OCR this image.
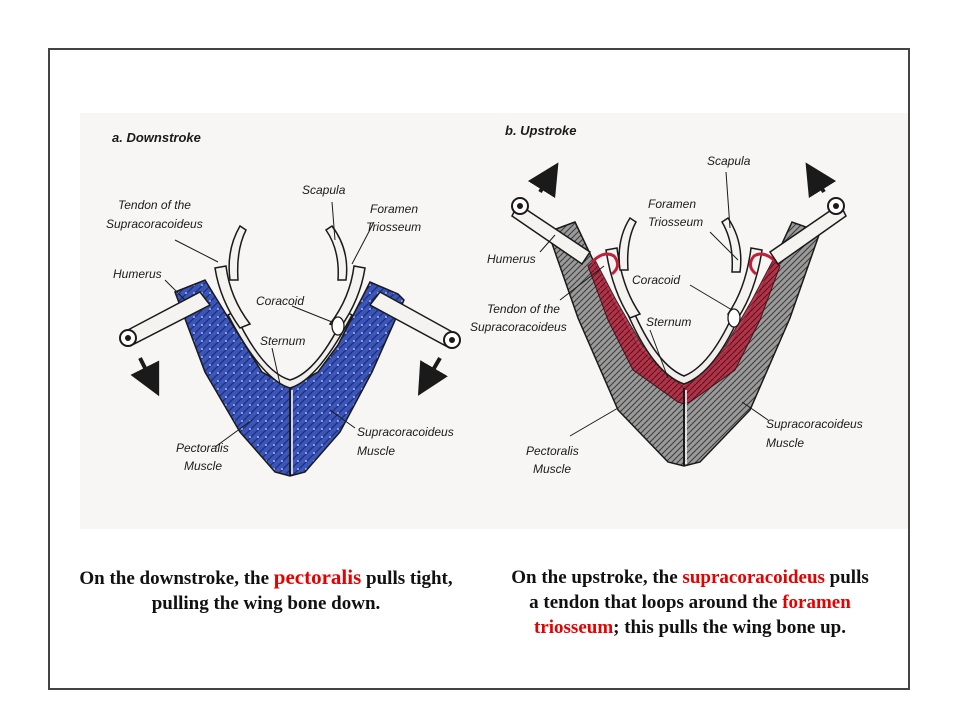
a. Downstroke
Tendon of the Supracoracoideus
Humerus
Scapula
Foramen Triosseum
Coracoid
Sternum
Pectoralis Muscle
Supracoracoideus Muscle
b. Upstroke
Scapula
Foramen Triosseum
Humerus
Coracoid
Tendon of the Supracoracoideus	Sternum
Pectoralis Muscle
Supracoracoideus Muscle
On the downstroke, the pectoralis pulls tight,
pulling the wing bone down.
On the upstroke, the supracoracoideus pulls
a tendon that loops around the foramen
triosseum; this pulls the wing bone up.
